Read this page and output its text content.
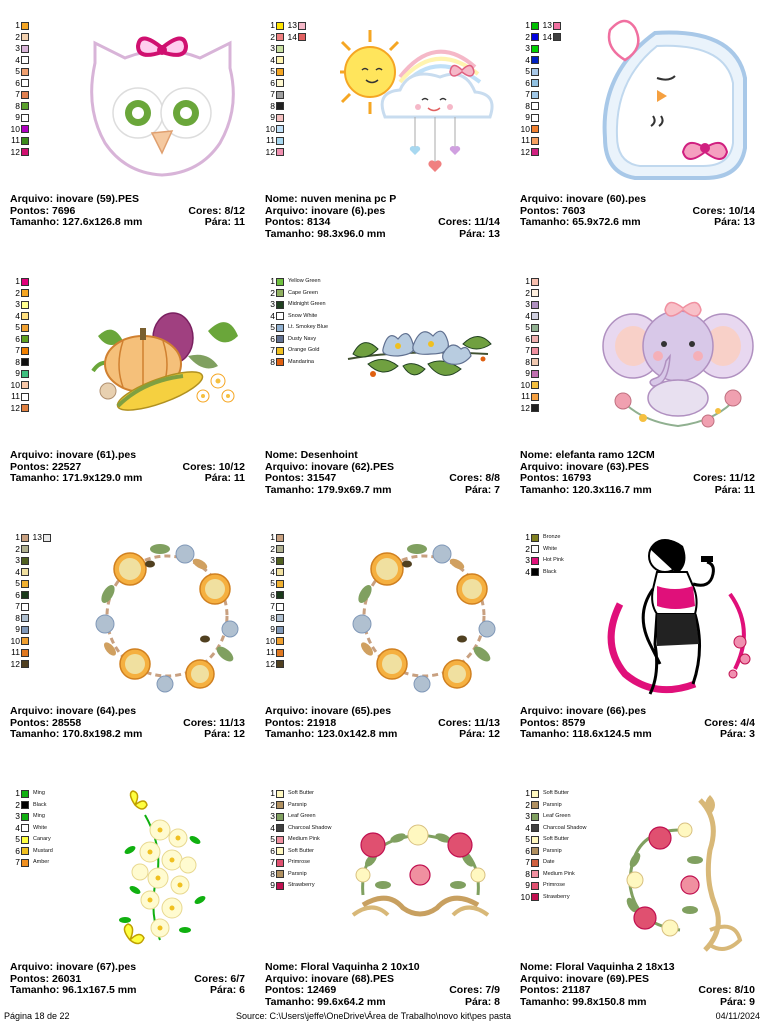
1
2
3
4
5
6
7
8
9
10
11
12
Arquivo: inovare (59).PES
Pontos: 7696	Cores: 8/12
Tamanho: 127.6x126.8 mm	Pára: 11
1 13
2 14
3
4
5
6
7
8
9
10
11
12
Nome: nuven menina pc P
Arquivo: inovare (6).pes
Pontos: 8134	Cores: 11/14
Tamanho: 98.3x96.0 mm	Pára: 13
1 13
2 14
3
4
5
6
7
8
9
10
11
12
Arquivo: inovare (60).pes
Pontos: 7603	Cores: 10/14
Tamanho: 65.9x72.6 mm	Pára: 13
1
2
3
4
5
6
7
8
9
10
11
12
Arquivo: inovare (61).pes
Pontos: 22527	Cores: 10/12
Tamanho: 171.9x129.0 mm	Pára: 11
1 Yellow Green
2 Cape Green
3 Midnight Green
4 Snow White
5 Lt. Smokey Blue
6 Dusty Navy
7 Orange Gold
8 Mandarina
Nome: Desenhoint
Arquivo: inovare (62).PES
Pontos: 31547	Cores: 8/8
Tamanho: 179.9x69.7 mm	Pára: 7
1
2
3
4
5
6
7
8
9
10
11
12
Nome: elefanta ramo 12CM
Arquivo: inovare (63).PES
Pontos: 16793	Cores: 11/12
Tamanho: 120.3x116.7 mm	Pára: 11
1 13
2
3
4
5
6
7
8
9
10
11
12
Arquivo: inovare (64).pes
Pontos: 28558	Cores: 11/13
Tamanho: 170.8x198.2 mm	Pára: 12
1
2
3
4
5
6
7
8
9
10
11
12
Arquivo: inovare (65).pes
Pontos: 21918	Cores: 11/13
Tamanho: 123.0x142.8 mm	Pára: 12
1 Bronze
2 White
3 Hot Pink
4 Black
Arquivo: inovare (66).pes
Pontos: 8579	Cores: 4/4
Tamanho: 118.6x124.5 mm	Pára: 3
1 Ming
2 Black
3 Ming
4 White
5 Canary
6 Mustard
7 Amber
Arquivo: inovare (67).pes
Pontos: 26031	Cores: 6/7
Tamanho: 96.1x167.5 mm	Pára: 6
1 Soft Butter
2 Parsnip
3 Leaf Green
4 Charcoal Shadow
5 Medium Pink
6 Soft Butter
7 Primrose
8 Parsnip
9 Strawberry
Nome: Floral Vaquinha 2 10x10
Arquivo: inovare (68).PES
Pontos: 12469	Cores: 7/9
Tamanho: 99.6x64.2 mm	Pára: 8
1 Soft Butter
2 Parsnip
3 Leaf Green
4 Charcoal Shadow
5 Soft Butter
6 Parsnip
7 Date
8 Medium Pink
9 Primrose
10 Strawberry
Nome: Floral Vaquinha 2 18x13
Arquivo: inovare (69).PES
Pontos: 21187	Cores: 8/10
Tamanho: 99.8x150.8 mm	Pára: 9
Página 18 de 22	Source: C:\Users\jeffe\OneDrive\Área de Trabalho\novo kit\pes pasta	04/11/2024
